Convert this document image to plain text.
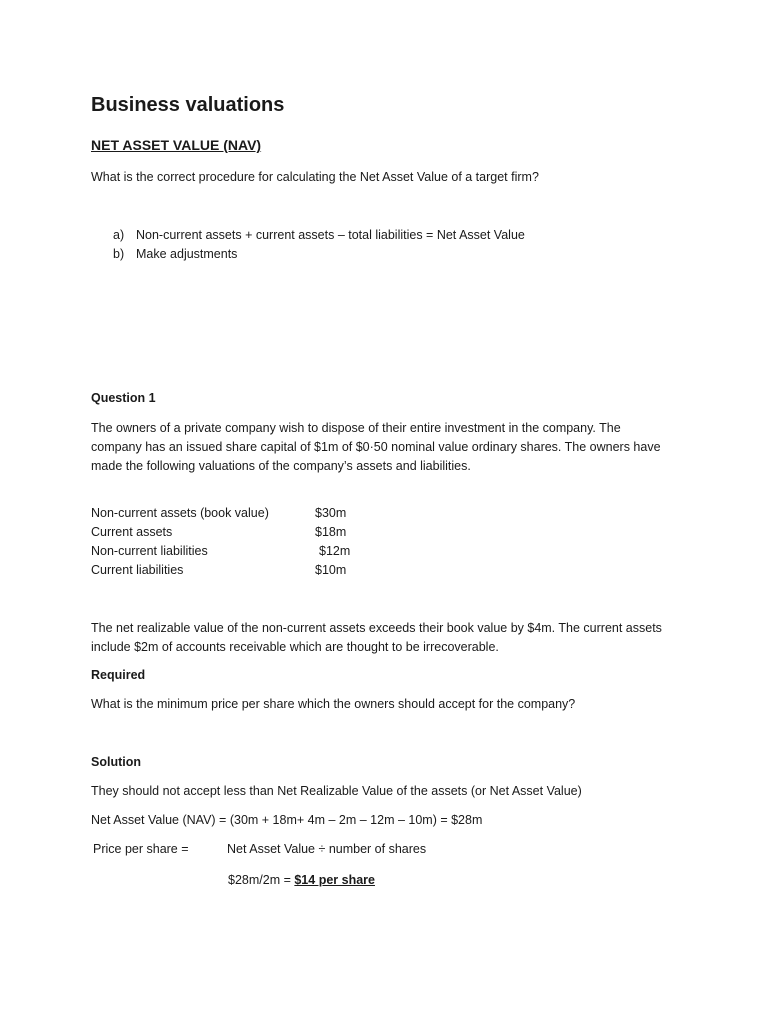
Business valuations
NET ASSET VALUE (NAV)
What is the correct procedure for calculating the Net Asset Value of a target firm?
a) Non-current assets + current assets – total liabilities = Net Asset Value
b) Make adjustments
Question 1
The owners of a private company wish to dispose of their entire investment in the company. The
company has an issued share capital of $1m of $0·50 nominal value ordinary shares. The owners have
made the following valuations of the company’s assets and liabilities.
Non-current assets (book value)	$30m
Current assets	$18m
Non-current liabilities	$12m
Current liabilities	$10m
The net realizable value of the non-current assets exceeds their book value by $4m. The current assets
include $2m of accounts receivable which are thought to be irrecoverable.
Required
What is the minimum price per share which the owners should accept for the company?
Solution
They should not accept less than Net Realizable Value of the assets (or Net Asset Value)
Net Asset Value (NAV) = (30m + 18m+ 4m – 2m – 12m – 10m) = $28m
Price per share =	Net Asset Value ÷ number of shares
$28m/2m = $14 per share
